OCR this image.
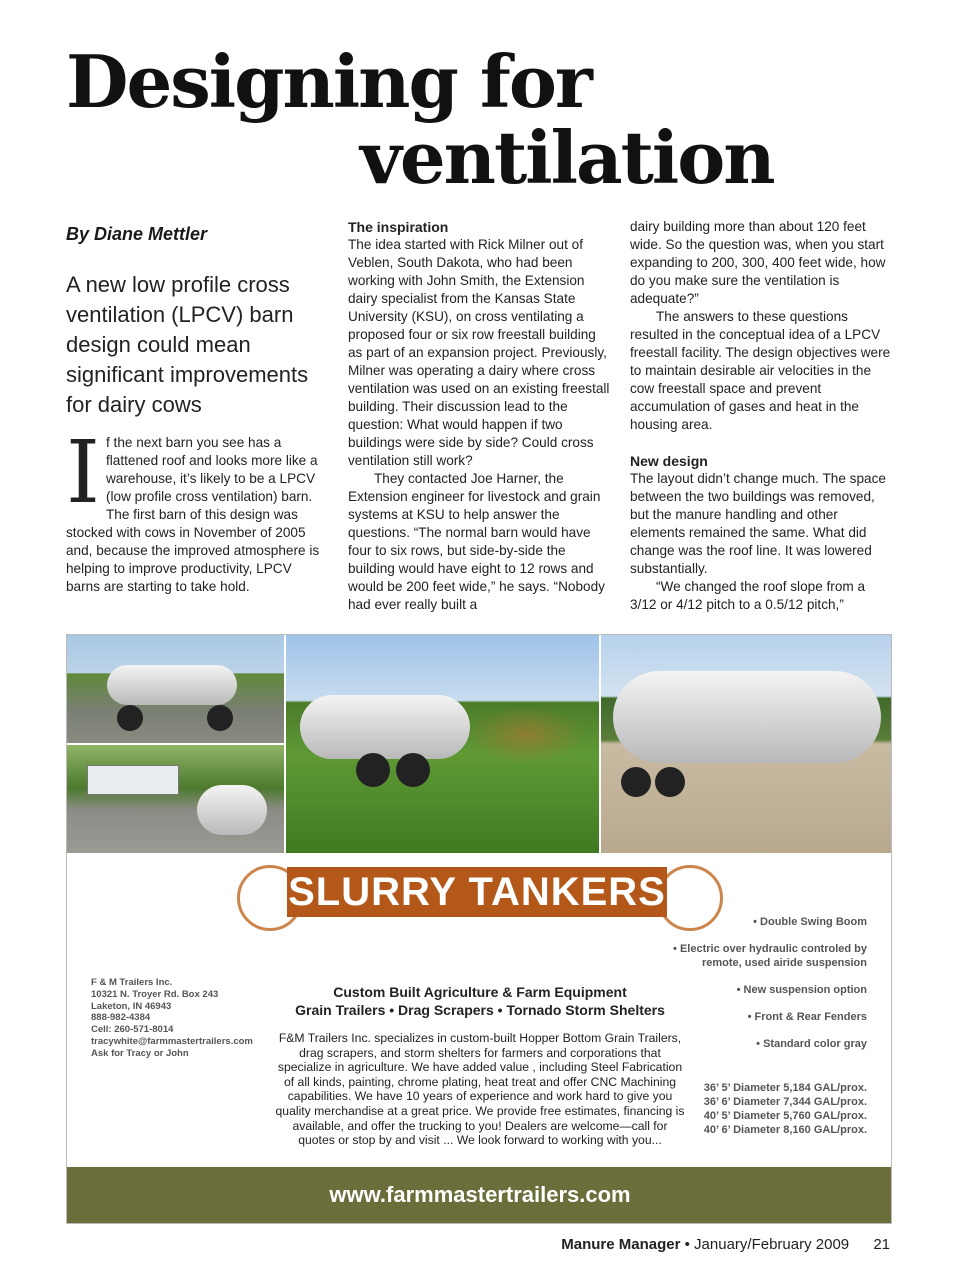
Designing for
ventilation
By Diane Mettler
A new low profile cross ventilation (LPCV) barn design could mean significant improvements for dairy cows
I f the next barn you see has a flattened roof and looks more like a warehouse, it’s likely to be a LPCV (low profile cross ventilation) barn. The first barn of this design was stocked with cows in November of 2005 and, because the improved atmosphere is helping to improve productivity, LPCV barns are starting to take hold.

The inspiration

The idea started with Rick Milner out of Veblen, South Dakota, who had been working with John Smith, the Extension dairy specialist from the Kansas State University (KSU), on cross ventilating a proposed four or six row freestall building as part of an expansion project. Previously, Milner was operating a dairy where cross ventilation was used on an existing freestall building. Their discussion lead to the question: What would happen if two buildings were side by side? Could cross ventilation still work?

They contacted Joe Harner, the Extension engineer for livestock and grain systems at KSU to help answer the questions. “The normal barn would have four to six rows, but side-by-side the building would have eight to 12 rows and would be 200 feet wide,” he says. “Nobody had ever really built a

dairy building more than about 120 feet wide. So the question was, when you start expanding to 200, 300, 400 feet wide, how do you make sure the ventilation is adequate?”

The answers to these questions resulted in the conceptual idea of a LPCV freestall facility. The design objectives were to maintain desirable air velocities in the cow freestall space and prevent accumulation of gases and heat in the housing area.

New design

The layout didn’t change much. The space between the two buildings was removed, but the manure handling and other elements remained the same. What did change was the roof line. It was lowered substantially.

“We changed the roof slope from a 3/12 or 4/12 pitch to a 0.5/12 pitch,”

SLURRY TANKERS
F & M Trailers Inc.
10321 N. Troyer Rd. Box 243
Laketon, IN 46943
888-982-4384
Cell: 260-571-8014
tracywhite@farmmastertrailers.com
Ask for Tracy or John
Custom Built Agriculture & Farm Equipment
Grain Trailers • Drag Scrapers • Tornado Storm Shelters
F&M Trailers Inc. specializes in custom-built Hopper Bottom Grain Trailers, drag scrapers, and storm shelters for farmers and corporations that specialize in agriculture. We have added value , including Steel Fabrication of all kinds, painting, chrome plating, heat treat and offer CNC Machining capabilities. We have 10 years of experience and work hard to give you quality merchandise at a great price. We provide free estimates, financing is available, and offer the trucking to you! Dealers are welcome—call for quotes or stop by and visit ... We look forward to working with you...
• Double Swing Boom
• Electric over hydraulic controled by remote, used airide suspension
• New suspension option
• Front & Rear Fenders
• Standard color gray
36’ 5’ Diameter 5,184 GAL/prox.
36’ 6’ Diameter 7,344 GAL/prox.
40’ 5’ Diameter 5,760 GAL/prox.
40’ 6’ Diameter 8,160 GAL/prox.
www.farmmastertrailers.com
Manure Manager • January/February 2009 21
